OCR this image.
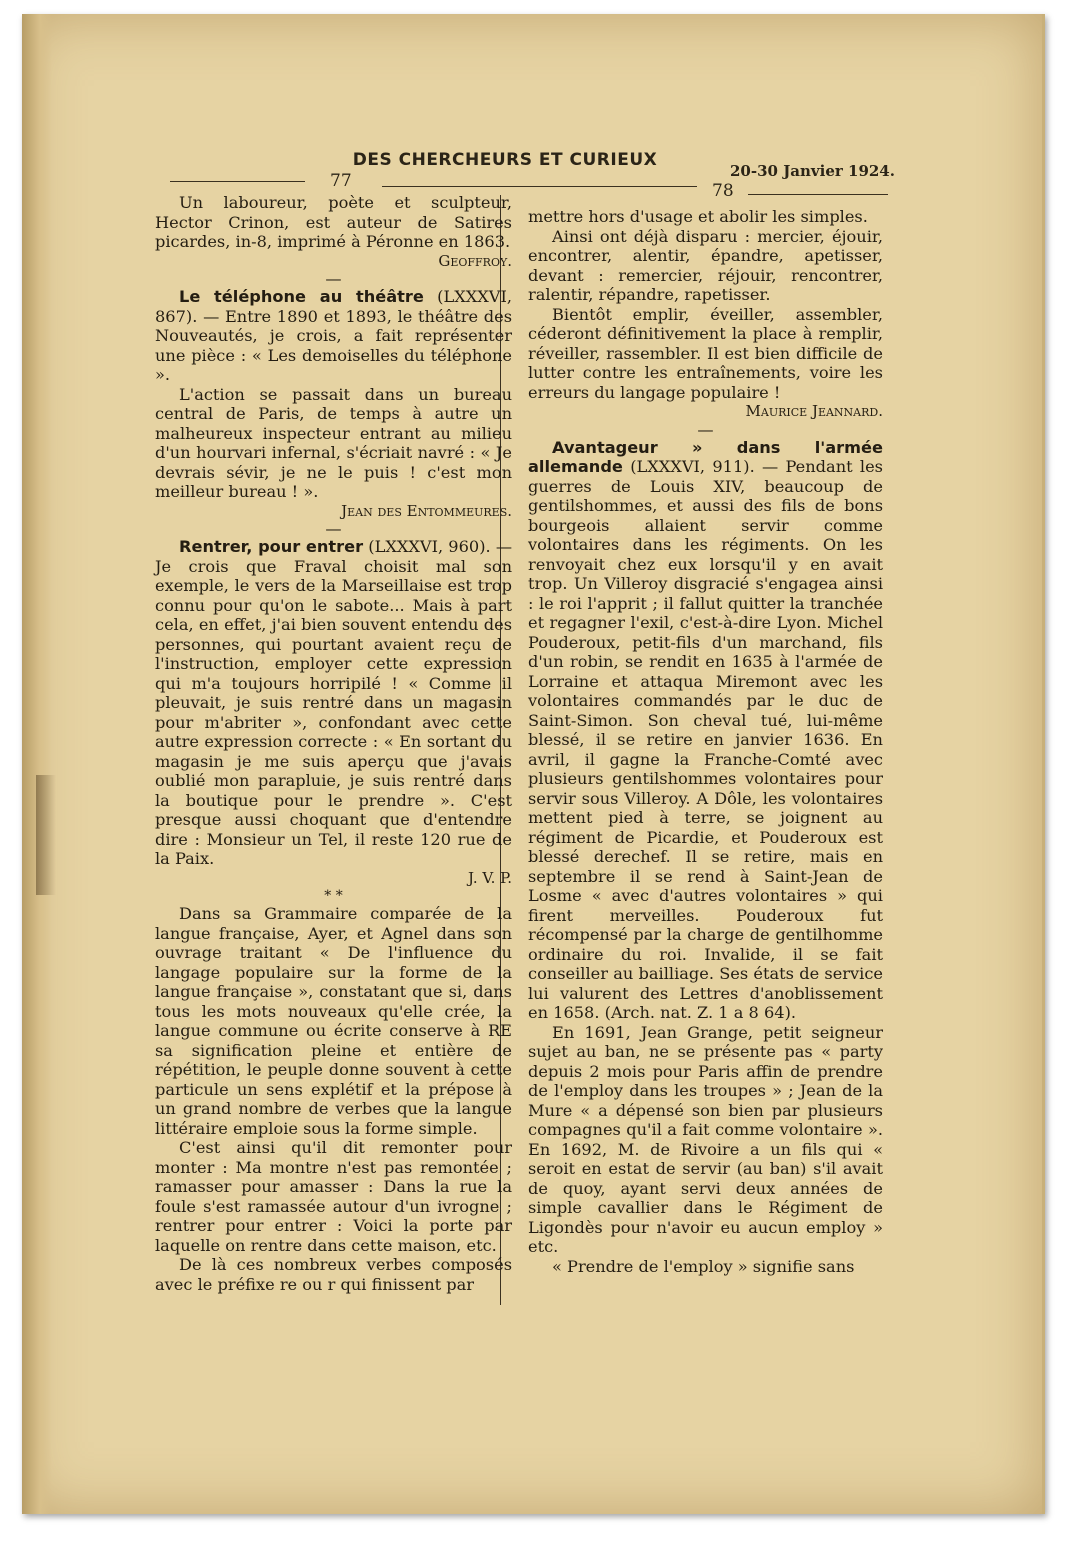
DES CHERCHEURS ET CURIEUX
20-30 Janvier 1924.
77	78

Un laboureur, poète et sculpteur, Hector Crinon, est auteur de Satires picardes, in-8, imprimé à Péronne en 1863.

Geoffroy.

—

Le téléphone au théâtre (LXXXVI, 867). — Entre 1890 et 1893, le théâtre des Nouveautés, je crois, a fait représenter une pièce : « Les demoiselles du téléphone ».

L'action se passait dans un bureau central de Paris, de temps à autre un malheureux inspecteur entrant au milieu d'un hourvari infernal, s'écriait navré : « Je devrais sévir, je ne le puis ! c'est mon meilleur bureau ! ».

Jean des Entommeures.

—

Rentrer, pour entrer (LXXXVI, 960). — Je crois que Fraval choisit mal son exemple, le vers de la Marseillaise est trop connu pour qu'on le sabote... Mais à part cela, en effet, j'ai bien souvent entendu des personnes, qui pourtant avaient reçu de l'instruction, employer cette expression qui m'a toujours horripilé ! « Comme il pleuvait, je suis rentré dans un magasin pour m'abriter », confondant avec cette autre expression correcte : « En sortant du magasin je me suis aperçu que j'avais oublié mon parapluie, je suis rentré dans la boutique pour le prendre ». C'est presque aussi choquant que d'entendre dire : Monsieur un Tel, il reste 120 rue de la Paix.

J. V. P.

* *

Dans sa Grammaire comparée de la langue française, Ayer, et Agnel dans son ouvrage traitant « De l'influence du langage populaire sur la forme de la langue française », constatant que si, dans tous les mots nouveaux qu'elle crée, la langue commune ou écrite conserve à RE sa signification pleine et entière de répétition, le peuple donne souvent à cette particule un sens explétif et la prépose à un grand nombre de verbes que la langue littéraire emploie sous la forme simple.

C'est ainsi qu'il dit remonter pour monter : Ma montre n'est pas remontée ; ramasser pour amasser : Dans la rue la foule s'est ramassée autour d'un ivrogne ; rentrer pour entrer : Voici la porte par laquelle on rentre dans cette maison, etc.

De là ces nombreux verbes composés avec le préfixe re ou r qui finissent par

mettre hors d'usage et abolir les simples.

Ainsi ont déjà disparu : mercier, éjouir, encontrer, alentir, épandre, apetisser, devant : remercier, réjouir, rencontrer, ralentir, répandre, rapetisser.

Bientôt emplir, éveiller, assembler, céderont définitivement la place à remplir, réveiller, rassembler. Il est bien difficile de lutter contre les entraînements, voire les erreurs du langage populaire !

Maurice Jeannard.

—

Avantageur » dans l'armée allemande (LXXXVI, 911). — Pendant les guerres de Louis XIV, beaucoup de gentilshommes, et aussi des fils de bons bourgeois allaient servir comme volontaires dans les régiments. On les renvoyait chez eux lorsqu'il y en avait trop. Un Villeroy disgracié s'engagea ainsi : le roi l'apprit ; il fallut quitter la tranchée et regagner l'exil, c'est-à-dire Lyon. Michel Pouderoux, petit-fils d'un marchand, fils d'un robin, se rendit en 1635 à l'armée de Lorraine et attaqua Miremont avec les volontaires commandés par le duc de Saint-Simon. Son cheval tué, lui-même blessé, il se retire en janvier 1636. En avril, il gagne la Franche-Comté avec plusieurs gentilshommes volontaires pour servir sous Villeroy. A Dôle, les volontaires mettent pied à terre, se joignent au régiment de Picardie, et Pouderoux est blessé derechef. Il se retire, mais en septembre il se rend à Saint-Jean de Losme « avec d'autres volontaires » qui firent merveilles. Pouderoux fut récompensé par la charge de gentilhomme ordinaire du roi. Invalide, il se fait conseiller au bailliage. Ses états de service lui valurent des Lettres d'anoblissement en 1658. (Arch. nat. Z. 1 a 8 64).

En 1691, Jean Grange, petit seigneur sujet au ban, ne se présente pas « party depuis 2 mois pour Paris affin de prendre de l'employ dans les troupes » ; Jean de la Mure « a dépensé son bien par plusieurs compagnes qu'il a fait comme volontaire ». En 1692, M. de Rivoire a un fils qui « seroit en estat de servir (au ban) s'il avait de quoy, ayant servi deux années de simple cavallier dans le Régiment de Ligondès pour n'avoir eu aucun employ » etc.

« Prendre de l'employ » signifie sans
